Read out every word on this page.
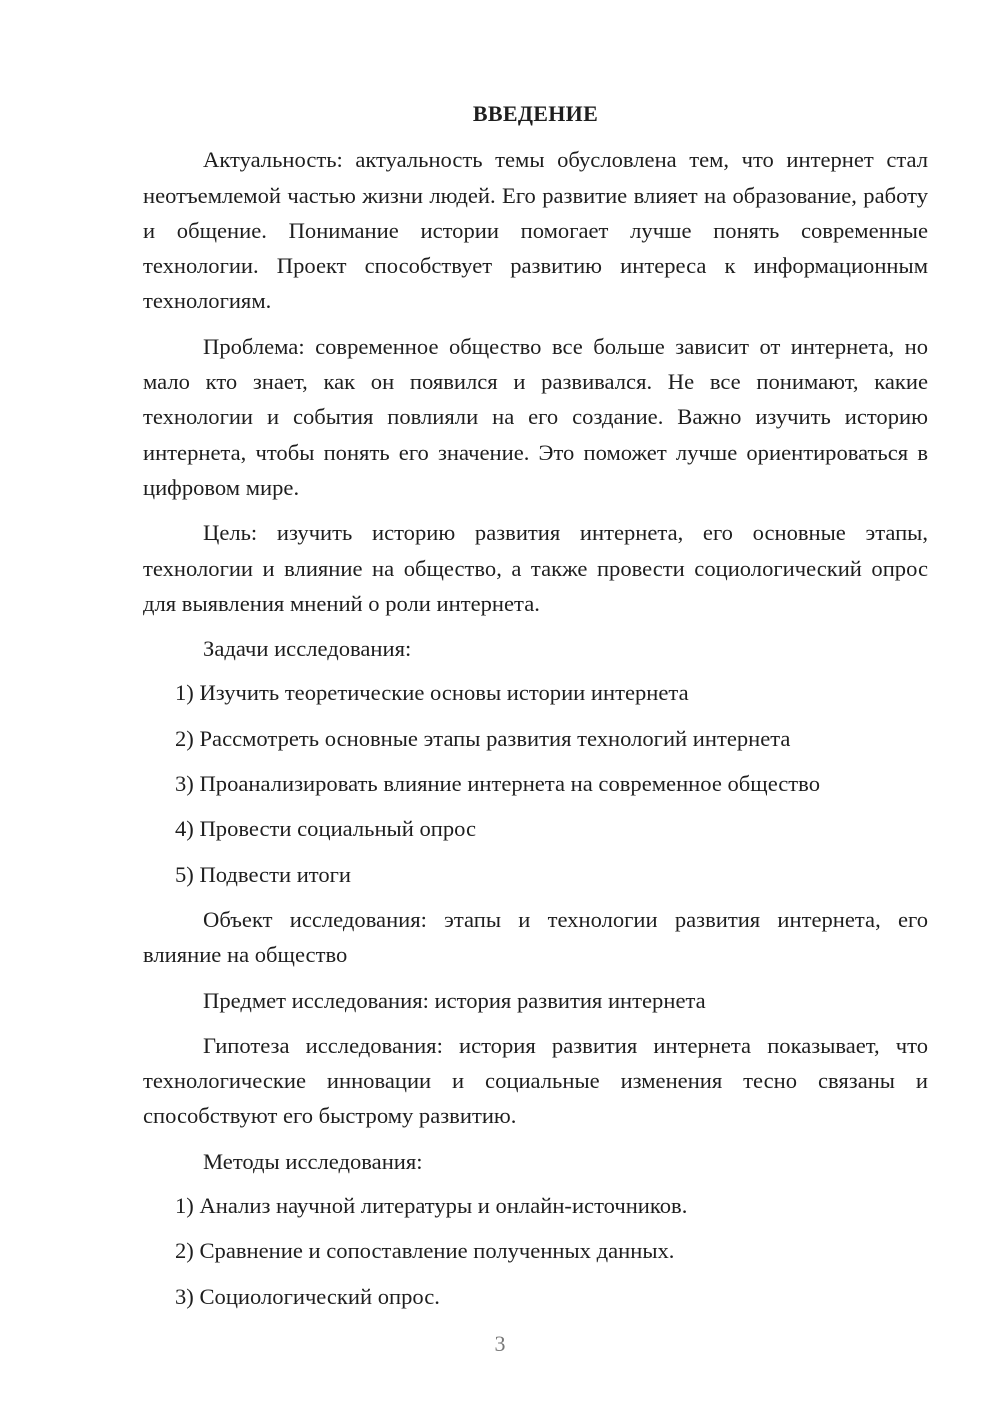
ВВЕДЕНИЕ

Актуальность: актуальность темы обусловлена тем, что интернет стал неотъемлемой частью жизни людей. Его развитие влияет на образование, работу и общение. Понимание истории помогает лучше понять современные технологии. Проект способствует развитию интереса к информационным технологиям.

Проблема: современное общество все больше зависит от интернета, но мало кто знает, как он появился и развивался. Не все понимают, какие технологии и события повлияли на его создание. Важно изучить историю интернета, чтобы понять его значение. Это поможет лучше ориентироваться в цифровом мире.

Цель: изучить историю развития интернета, его основные этапы, технологии и влияние на общество, а также провести социологический опрос для выявления мнений о роли интернета.

Задачи исследования:

1) Изучить теоретические основы истории интернета
2) Рассмотреть основные этапы развития технологий интернета
3) Проанализировать влияние интернета на современное общество
4) Провести социальный опрос
5) Подвести итоги

Объект исследования: этапы и технологии развития интернета, его влияние на общество

Предмет исследования: история развития интернета

Гипотеза исследования: история развития интернета показывает, что технологические инновации и социальные изменения тесно связаны и способствуют его быстрому развитию.

Методы исследования:

1) Анализ научной литературы и онлайн-источников.
2) Сравнение и сопоставление полученных данных.
3) Социологический опрос.
3
